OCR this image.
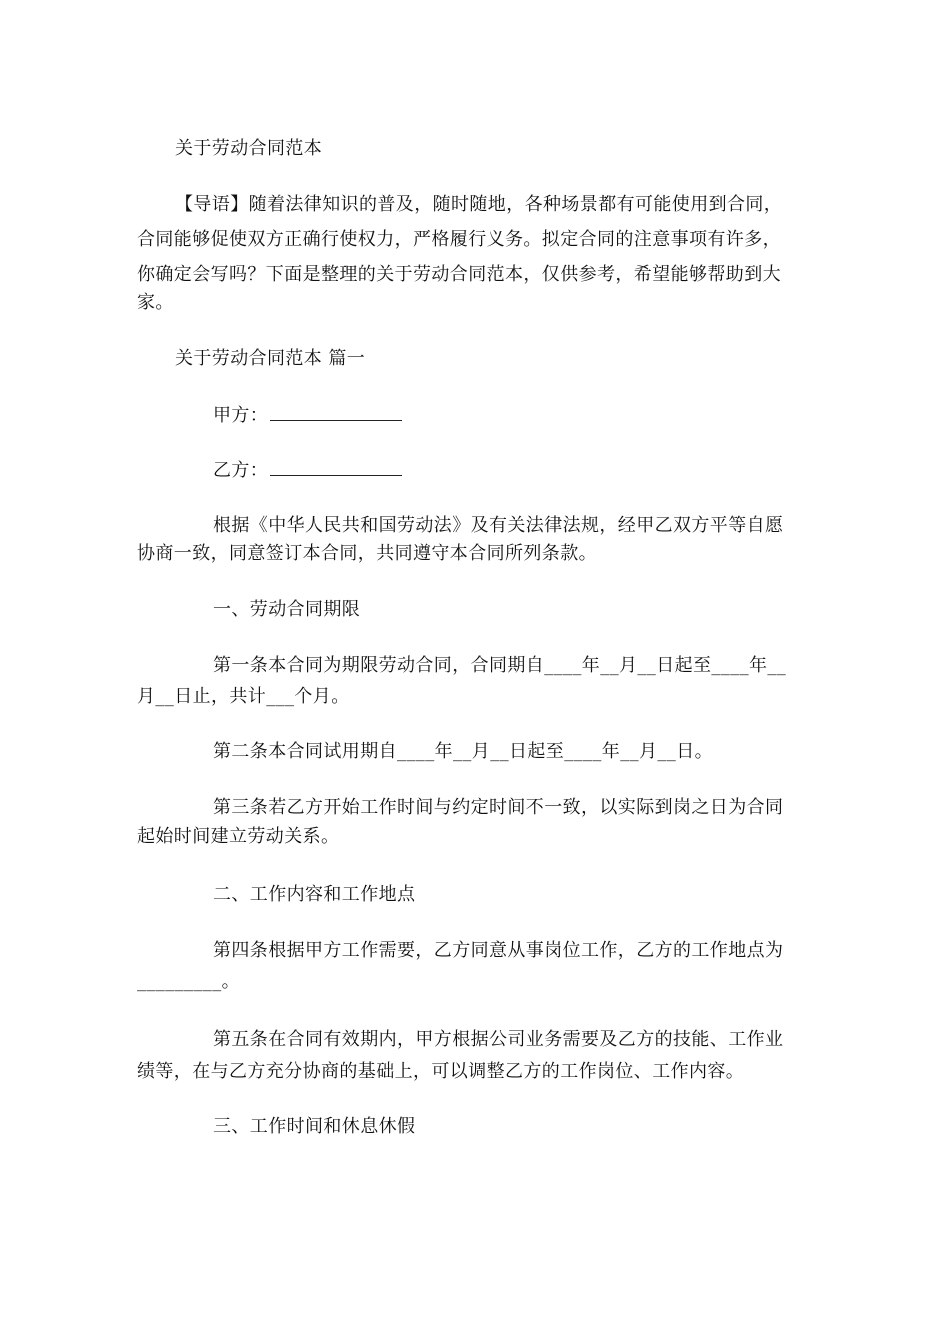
关于劳动合同范本
【导语】随着法律知识的普及，随时随地，各种场景都有可能使用到合同，
合同能够促使双方正确行使权力，严格履行义务。拟定合同的注意事项有许多，
你确定会写吗？下面是整理的关于劳动合同范本，仅供参考，希望能够帮助到大
家。
关于劳动合同范本 篇一
甲方：
乙方：
根据《中华人民共和国劳动法》及有关法律法规，经甲乙双方平等自愿
协商一致，同意签订本合同，共同遵守本合同所列条款。
一、劳动合同期限
第一条本合同为期限劳动合同，合同期自____年__月__日起至____年__
月__日止，共计___个月。
第二条本合同试用期自____年__月__日起至____年__月__日。
第三条若乙方开始工作时间与约定时间不一致，以实际到岗之日为合同
起始时间建立劳动关系。
二、工作内容和工作地点
第四条根据甲方工作需要，乙方同意从事岗位工作，乙方的工作地点为
_________。
第五条在合同有效期内，甲方根据公司业务需要及乙方的技能、工作业
绩等，在与乙方充分协商的基础上，可以调整乙方的工作岗位、工作内容。
三、工作时间和休息休假
